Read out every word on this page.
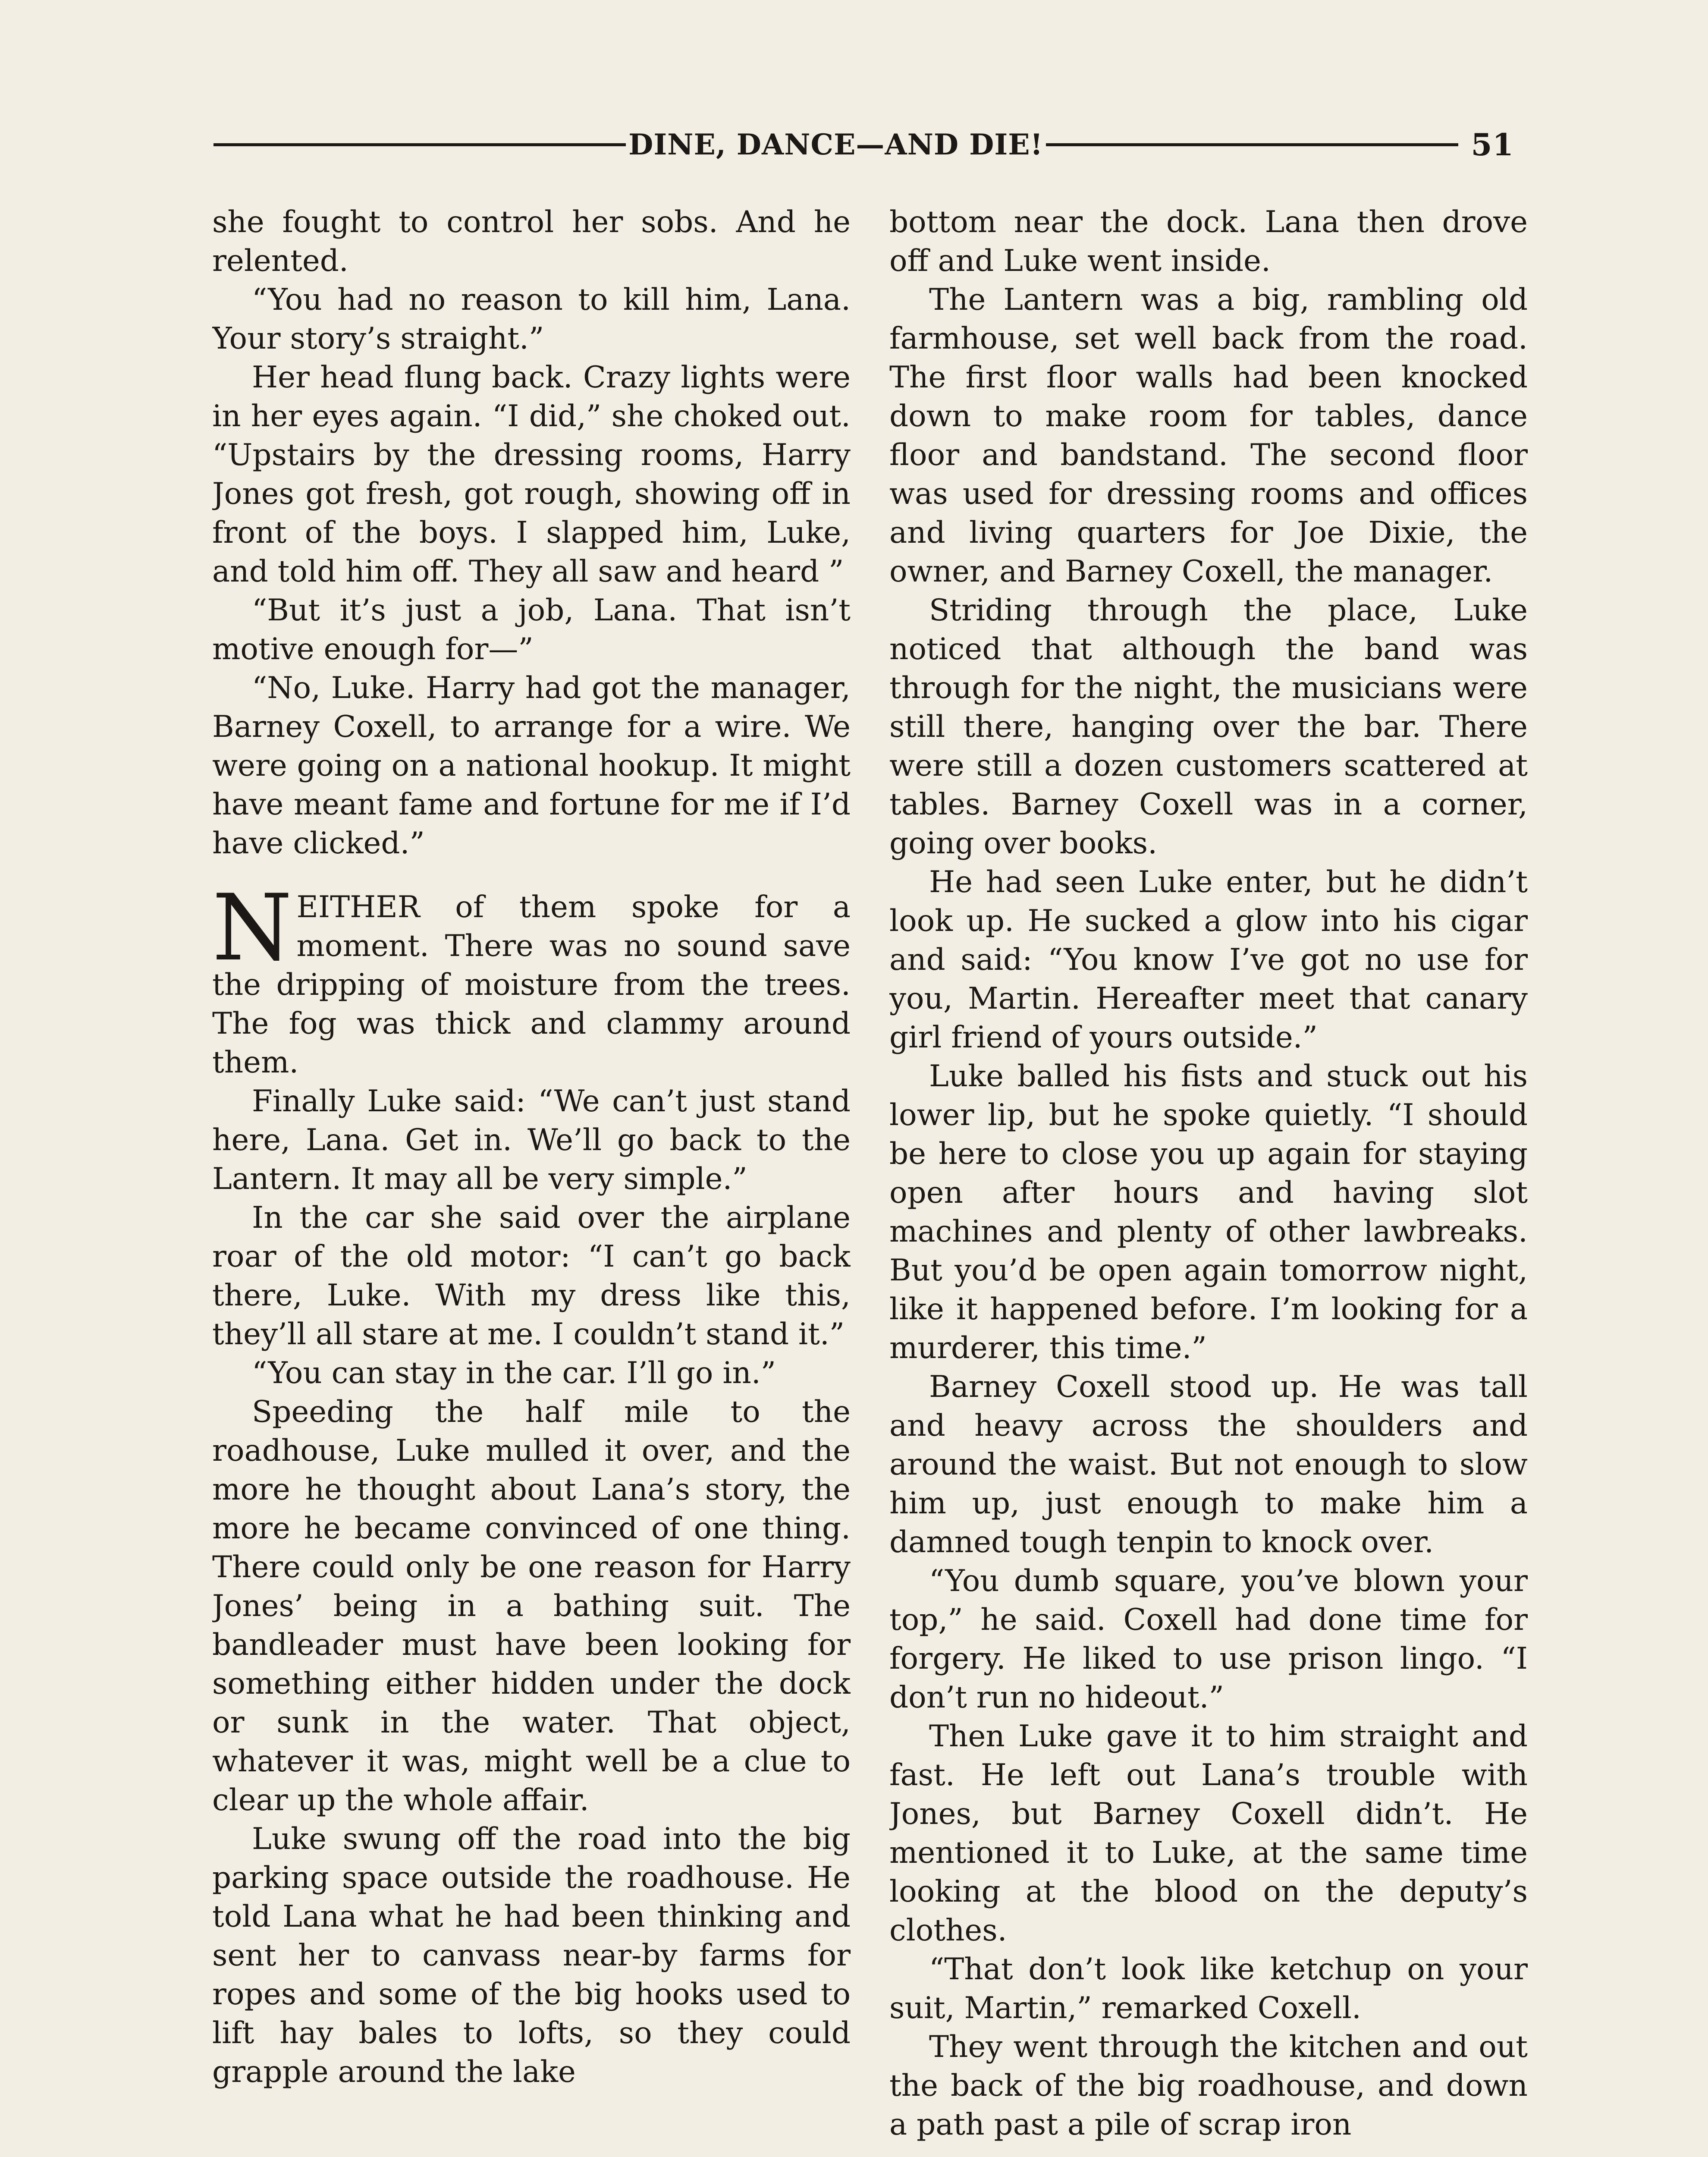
DINE, DANCE—AND DIE!	51

she fought to control her sobs. And he relented.

“You had no reason to kill him, Lana. Your story’s straight.”

Her head flung back. Crazy lights were in her eyes again. “I did,” she choked out. “Upstairs by the dressing rooms, Harry Jones got fresh, got rough, showing off in front of the boys. I slapped him, Luke, and told him off. They all saw and heard ”

“But it’s just a job, Lana. That isn’t motive enough for—”

“No, Luke. Harry had got the manager, Barney Coxell, to arrange for a wire. We were going on a national hookup. It might have meant fame and fortune for me if I’d have clicked.”

NEITHER of them spoke for a moment. There was no sound save the dripping of moisture from the trees. The fog was thick and clammy around them.

Finally Luke said: “We can’t just stand here, Lana. Get in. We’ll go back to the Lantern. It may all be very simple.”

In the car she said over the airplane roar of the old motor: “I can’t go back there, Luke. With my dress like this, they’ll all stare at me. I couldn’t stand it.”

“You can stay in the car. I’ll go in.”

Speeding the half mile to the roadhouse, Luke mulled it over, and the more he thought about Lana’s story, the more he became convinced of one thing. There could only be one reason for Harry Jones’ being in a bathing suit. The bandleader must have been looking for something either hidden under the dock or sunk in the water. That object, whatever it was, might well be a clue to clear up the whole affair.

Luke swung off the road into the big parking space outside the roadhouse. He told Lana what he had been thinking and sent her to canvass near-by farms for ropes and some of the big hooks used to lift hay bales to lofts, so they could grapple around the lake

bottom near the dock. Lana then drove off and Luke went inside.

The Lantern was a big, rambling old farmhouse, set well back from the road. The first floor walls had been knocked down to make room for tables, dance floor and bandstand. The second floor was used for dressing rooms and offices and living quarters for Joe Dixie, the owner, and Barney Coxell, the manager.

Striding through the place, Luke noticed that although the band was through for the night, the musicians were still there, hanging over the bar. There were still a dozen customers scattered at tables. Barney Coxell was in a corner, going over books.

He had seen Luke enter, but he didn’t look up. He sucked a glow into his cigar and said: “You know I’ve got no use for you, Martin. Hereafter meet that canary girl friend of yours outside.”

Luke balled his fists and stuck out his lower lip, but he spoke quietly. “I should be here to close you up again for staying open after hours and having slot machines and plenty of other lawbreaks. But you’d be open again tomorrow night, like it happened before. I’m looking for a murderer, this time.”

Barney Coxell stood up. He was tall and heavy across the shoulders and around the waist. But not enough to slow him up, just enough to make him a damned tough tenpin to knock over.

“You dumb square, you’ve blown your top,” he said. Coxell had done time for forgery. He liked to use prison lingo. “I don’t run no hideout.”

Then Luke gave it to him straight and fast. He left out Lana’s trouble with Jones, but Barney Coxell didn’t. He mentioned it to Luke, at the same time looking at the blood on the deputy’s clothes.

“That don’t look like ketchup on your suit, Martin,” remarked Coxell.

They went through the kitchen and out the back of the big roadhouse, and down a path past a pile of scrap iron
